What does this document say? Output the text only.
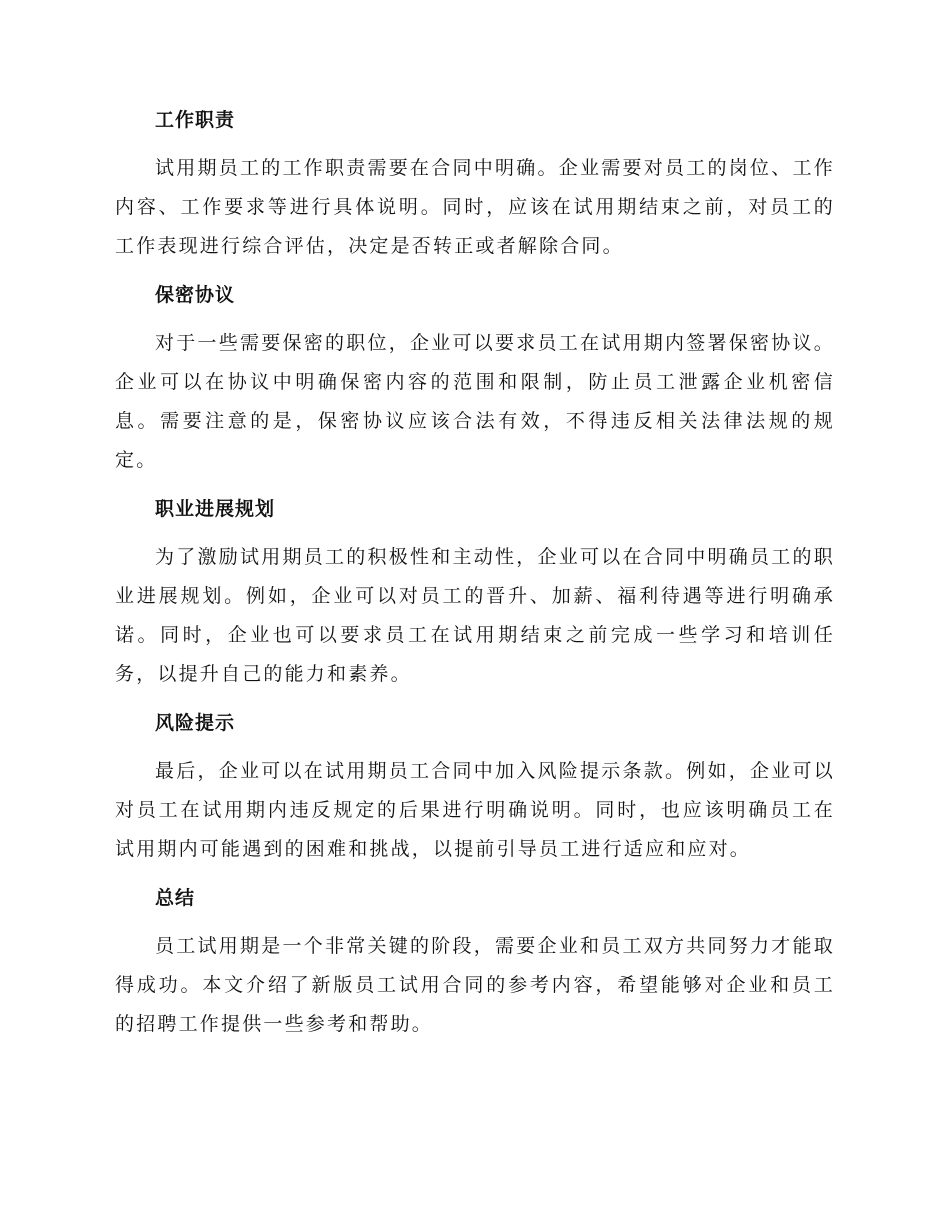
工作职责

试用期员工的工作职责需要在合同中明确。企业需要对员工的岗位、工作内容、工作要求等进行具体说明。同时，应该在试用期结束之前，对员工的工作表现进行综合评估，决定是否转正或者解除合同。

保密协议

对于一些需要保密的职位，企业可以要求员工在试用期内签署保密协议。企业可以在协议中明确保密内容的范围和限制，防止员工泄露企业机密信息。需要注意的是，保密协议应该合法有效，不得违反相关法律法规的规定。

职业进展规划

为了激励试用期员工的积极性和主动性，企业可以在合同中明确员工的职业进展规划。例如，企业可以对员工的晋升、加薪、福利待遇等进行明确承诺。同时，企业也可以要求员工在试用期结束之前完成一些学习和培训任务，以提升自己的能力和素养。

风险提示

最后，企业可以在试用期员工合同中加入风险提示条款。例如，企业可以对员工在试用期内违反规定的后果进行明确说明。同时，也应该明确员工在试用期内可能遇到的困难和挑战，以提前引导员工进行适应和应对。

总结

员工试用期是一个非常关键的阶段，需要企业和员工双方共同努力才能取得成功。本文介绍了新版员工试用合同的参考内容，希望能够对企业和员工的招聘工作提供一些参考和帮助。
